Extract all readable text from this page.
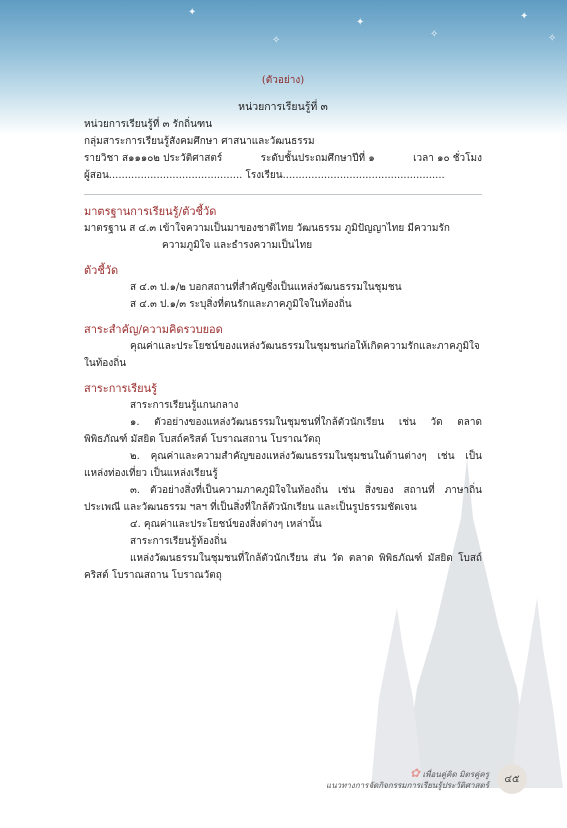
✦
✧
✦
✧
✦
✧
(ตัวอย่าง)
หน่วยการเรียนรู้ที่ ๓
หน่วยการเรียนรู้ที่ ๓ รักถิ่นฑน
กลุ่มสาระการเรียนรู้สังคมศึกษา ศาสนาและวัฒนธรรม
รายวิชา ส๑๑๑๐๒ ประวัติศาสตร์	ระดับชั้นประถมศึกษาปีที่ ๑	เวลา ๑๐ ชั่วโมง
ผู้สอน.......................................... โรงเรียน...................................................
มาตรฐานการเรียนรู้/ตัวชี้วัด
มาตรฐาน ส ๔.๓ เข้าใจความเป็นมาของชาติไทย วัฒนธรรม ภูมิปัญญาไทย มีความรัก
ความภูมิใจ และธำรงความเป็นไทย
ตัวชี้วัด
ส ๔.๓ ป.๑/๒ บอกสถานที่สำคัญซึ่งเป็นแหล่งวัฒนธรรมในชุมชน
ส ๔.๓ ป.๑/๓ ระบุสิ่งที่ตนรักและภาคภูมิใจในท้องถิ่น
สาระสำคัญ/ความคิดรวบยอด
คุณค่าและประโยชน์ของแหล่งวัฒนธรรมในชุมชนก่อให้เกิดความรักและภาคภูมิใจในท้องถิ่น
สาระการเรียนรู้
สาระการเรียนรู้แกนกลาง
๑. ตัวอย่างของแหล่งวัฒนธรรมในชุมชนที่ใกล้ตัวนักเรียน เช่น วัด ตลาด พิพิธภัณฑ์ มัสยิด โบสถ์คริสต์ โบราณสถาน โบราณวัตถุ
๒. คุณค่าและความสำคัญของแหล่งวัฒนธรรมในชุมชนในด้านต่างๆ เช่น เป็นแหล่งท่องเที่ยว เป็นแหล่งเรียนรู้
๓. ตัวอย่างสิ่งที่เป็นความภาคภูมิใจในท้องถิ่น เช่น สิ่งของ สถานที่ ภาษาถิ่น ประเพณี และวัฒนธรรม ฯลฯ ที่เป็นสิ่งที่ใกล้ตัวนักเรียน และเป็นรูปธรรมชัดเจน
๔. คุณค่าและประโยชน์ของสิ่งต่างๆ เหล่านั้น
สาระการเรียนรู้ท้องถิ่น
แหล่งวัฒนธรรมในชุมชนที่ใกล้ตัวนักเรียน ส่น วัด ตลาด พิพิธภัณฑ์ มัสยิด โบสถ์คริสต์ โบราณสถาน โบราณวัตถุ
✿ เพื่อนคู่คิด มิตรคู่ครู
แนวทางการจัดกิจกรรมการเรียนรู้ประวัติศาสตร์
๔๕
